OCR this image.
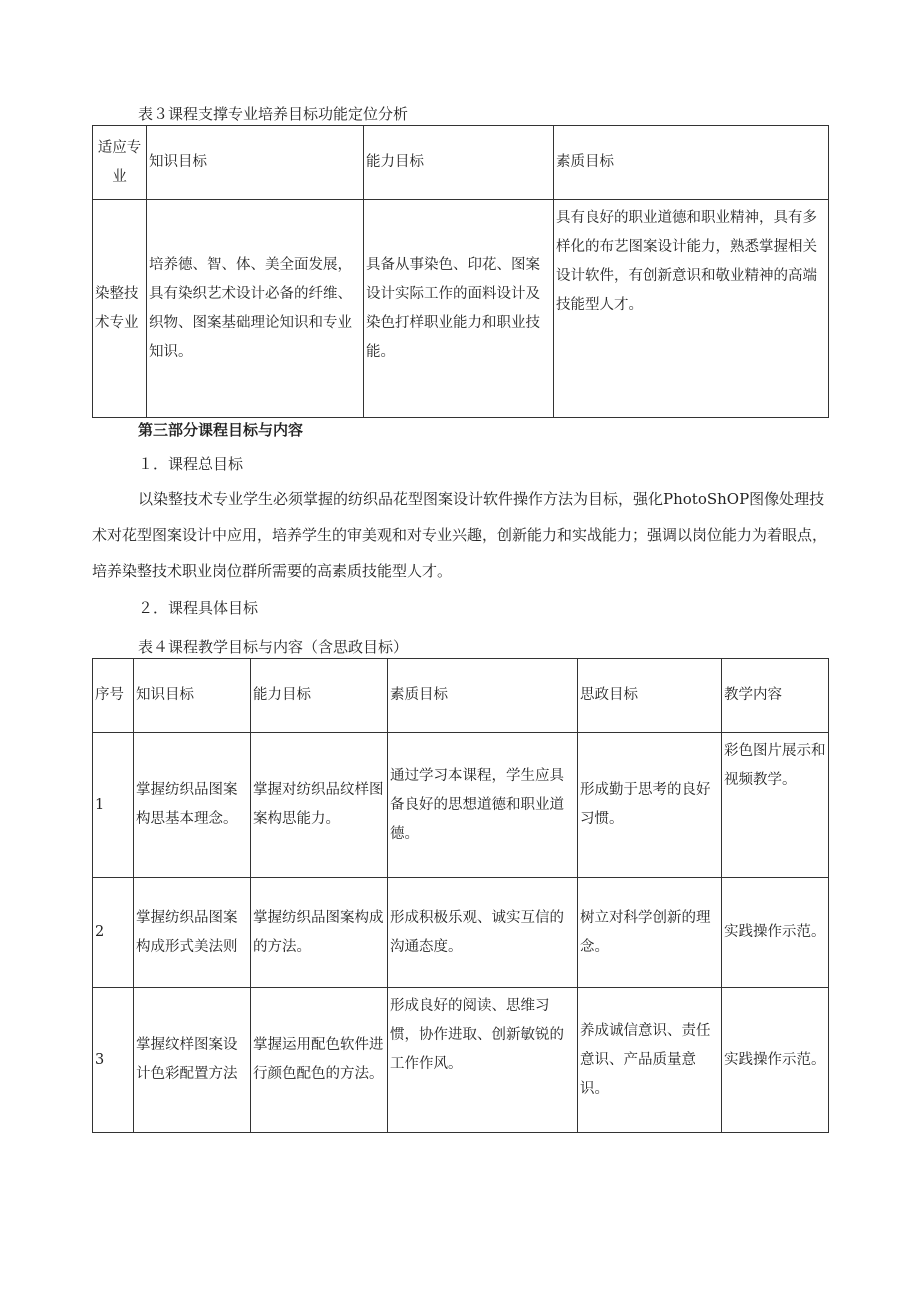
表３课程支撑专业培养目标功能定位分析
适应专业	知识目标	能力目标	素质目标
染整技术专业	培养德、智、体、美全面发展，具有染织艺术设计必备的纤维、织物、图案基础理论知识和专业知识。	具备从事染色、印花、图案设计实际工作的面料设计及染色打样职业能力和职业技能。	具有良好的职业道德和职业精神，具有多样化的布艺图案设计能力，熟悉掌握相关设计软件，有创新意识和敬业精神的高端技能型人才。
第三部分课程目标与内容
１．课程总目标
以染整技术专业学生必须掌握的纺织品花型图案设计软件操作方法为目标，强化PhotoShOP图像处理技术对花型图案设计中应用，培养学生的审美观和对专业兴趣，创新能力和实战能力；强调以岗位能力为着眼点，培养染整技术职业岗位群所需要的高素质技能型人才。
２．课程具体目标
表４课程教学目标与内容（含思政目标）
序号	知识目标	能力目标	素质目标	思政目标	教学内容
1	掌握纺织品图案构思基本理念。	掌握对纺织品纹样图案构思能力。	通过学习本课程，学生应具备良好的思想道德和职业道德。	形成勤于思考的良好习惯。	彩色图片展示和视频教学。
2	掌握纺织品图案构成形式美法则	掌握纺织品图案构成的方法。	形成积极乐观、诚实互信的沟通态度。	树立对科学创新的理念。	实践操作示范。
3	掌握纹样图案设计色彩配置方法	掌握运用配色软件进行颜色配色的方法。	形成良好的阅读、思维习惯，协作进取、创新敏锐的工作作风。	养成诚信意识、责任意识、产品质量意识。	实践操作示范。
